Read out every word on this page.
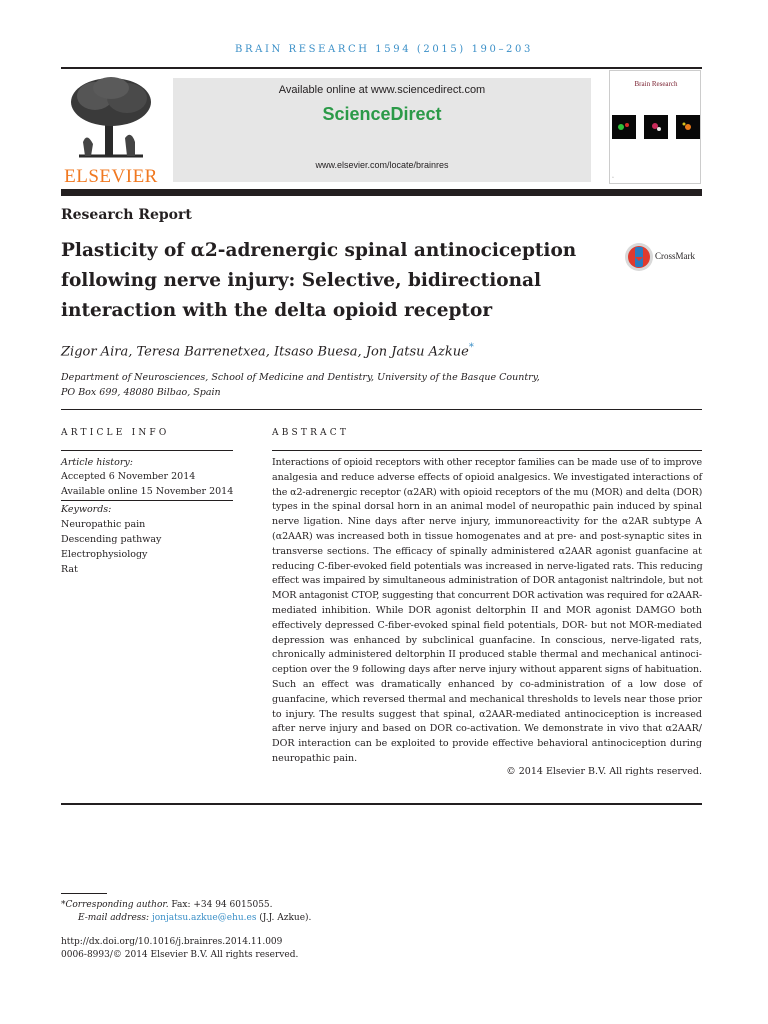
BRAIN RESEARCH 1594 (2015) 190–203
ELSEVIER
Available online at www.sciencedirect.com
ScienceDirect
www.elsevier.com/locate/brainres
Brain Research
▫
Research Report
Plasticity of α2-adrenergic spinal antinociception
following nerve injury: Selective, bidirectional
interaction with the delta opioid receptor
CrossMark
Zigor Aira, Teresa Barrenetxea, Itsaso Buesa, Jon Jatsu Azkue*
Department of Neurosciences, School of Medicine and Dentistry, University of the Basque Country,
PO Box 699, 48080 Bilbao, Spain
ARTICLE INFO	ABSTRACT
Article history:
Accepted 6 November 2014
Available online 15 November 2014
Keywords:
Neuropathic pain
Descending pathway
Electrophysiology
Rat
Interactions of opioid receptors with other receptor families can be made use of to improve
analgesia and reduce adverse effects of opioid analgesics. We investigated interactions of
the α2-adrenergic receptor (α2AR) with opioid receptors of the mu (MOR) and delta (DOR)
types in the spinal dorsal horn in an animal model of neuropathic pain induced by spinal
nerve ligation. Nine days after nerve injury, immunoreactivity for the α2AR subtype A
(α2AAR) was increased both in tissue homogenates and at pre- and post-synaptic sites in
transverse sections. The efficacy of spinally administered α2AAR agonist guanfacine at
reducing C-fiber-evoked field potentials was increased in nerve-ligated rats. This reducing
effect was impaired by simultaneous administration of DOR antagonist naltrindole, but not
MOR antagonist CTOP, suggesting that concurrent DOR activation was required for α2AAR-
mediated inhibition. While DOR agonist deltorphin II and MOR agonist DAMGO both
effectively depressed C-fiber-evoked spinal field potentials, DOR- but not MOR-mediated
depression was enhanced by subclinical guanfacine. In conscious, nerve-ligated rats,
chronically administered deltorphin II produced stable thermal and mechanical antinoci-
ception over the 9 following days after nerve injury without apparent signs of habituation.
Such an effect was dramatically enhanced by co-administration of a low dose of
guanfacine, which reversed thermal and mechanical thresholds to levels near those prior
to injury. The results suggest that spinal, α2AAR-mediated antinociception is increased
after nerve injury and based on DOR co-activation. We demonstrate in vivo that α2AAR/
DOR interaction can be exploited to provide effective behavioral antinociception during
neuropathic pain.
© 2014 Elsevier B.V. All rights reserved.
*Corresponding author. Fax: +34 94 6015055.
E-mail address: jonjatsu.azkue@ehu.es (J.J. Azkue).
http://dx.doi.org/10.1016/j.brainres.2014.11.009
0006-8993/© 2014 Elsevier B.V. All rights reserved.
